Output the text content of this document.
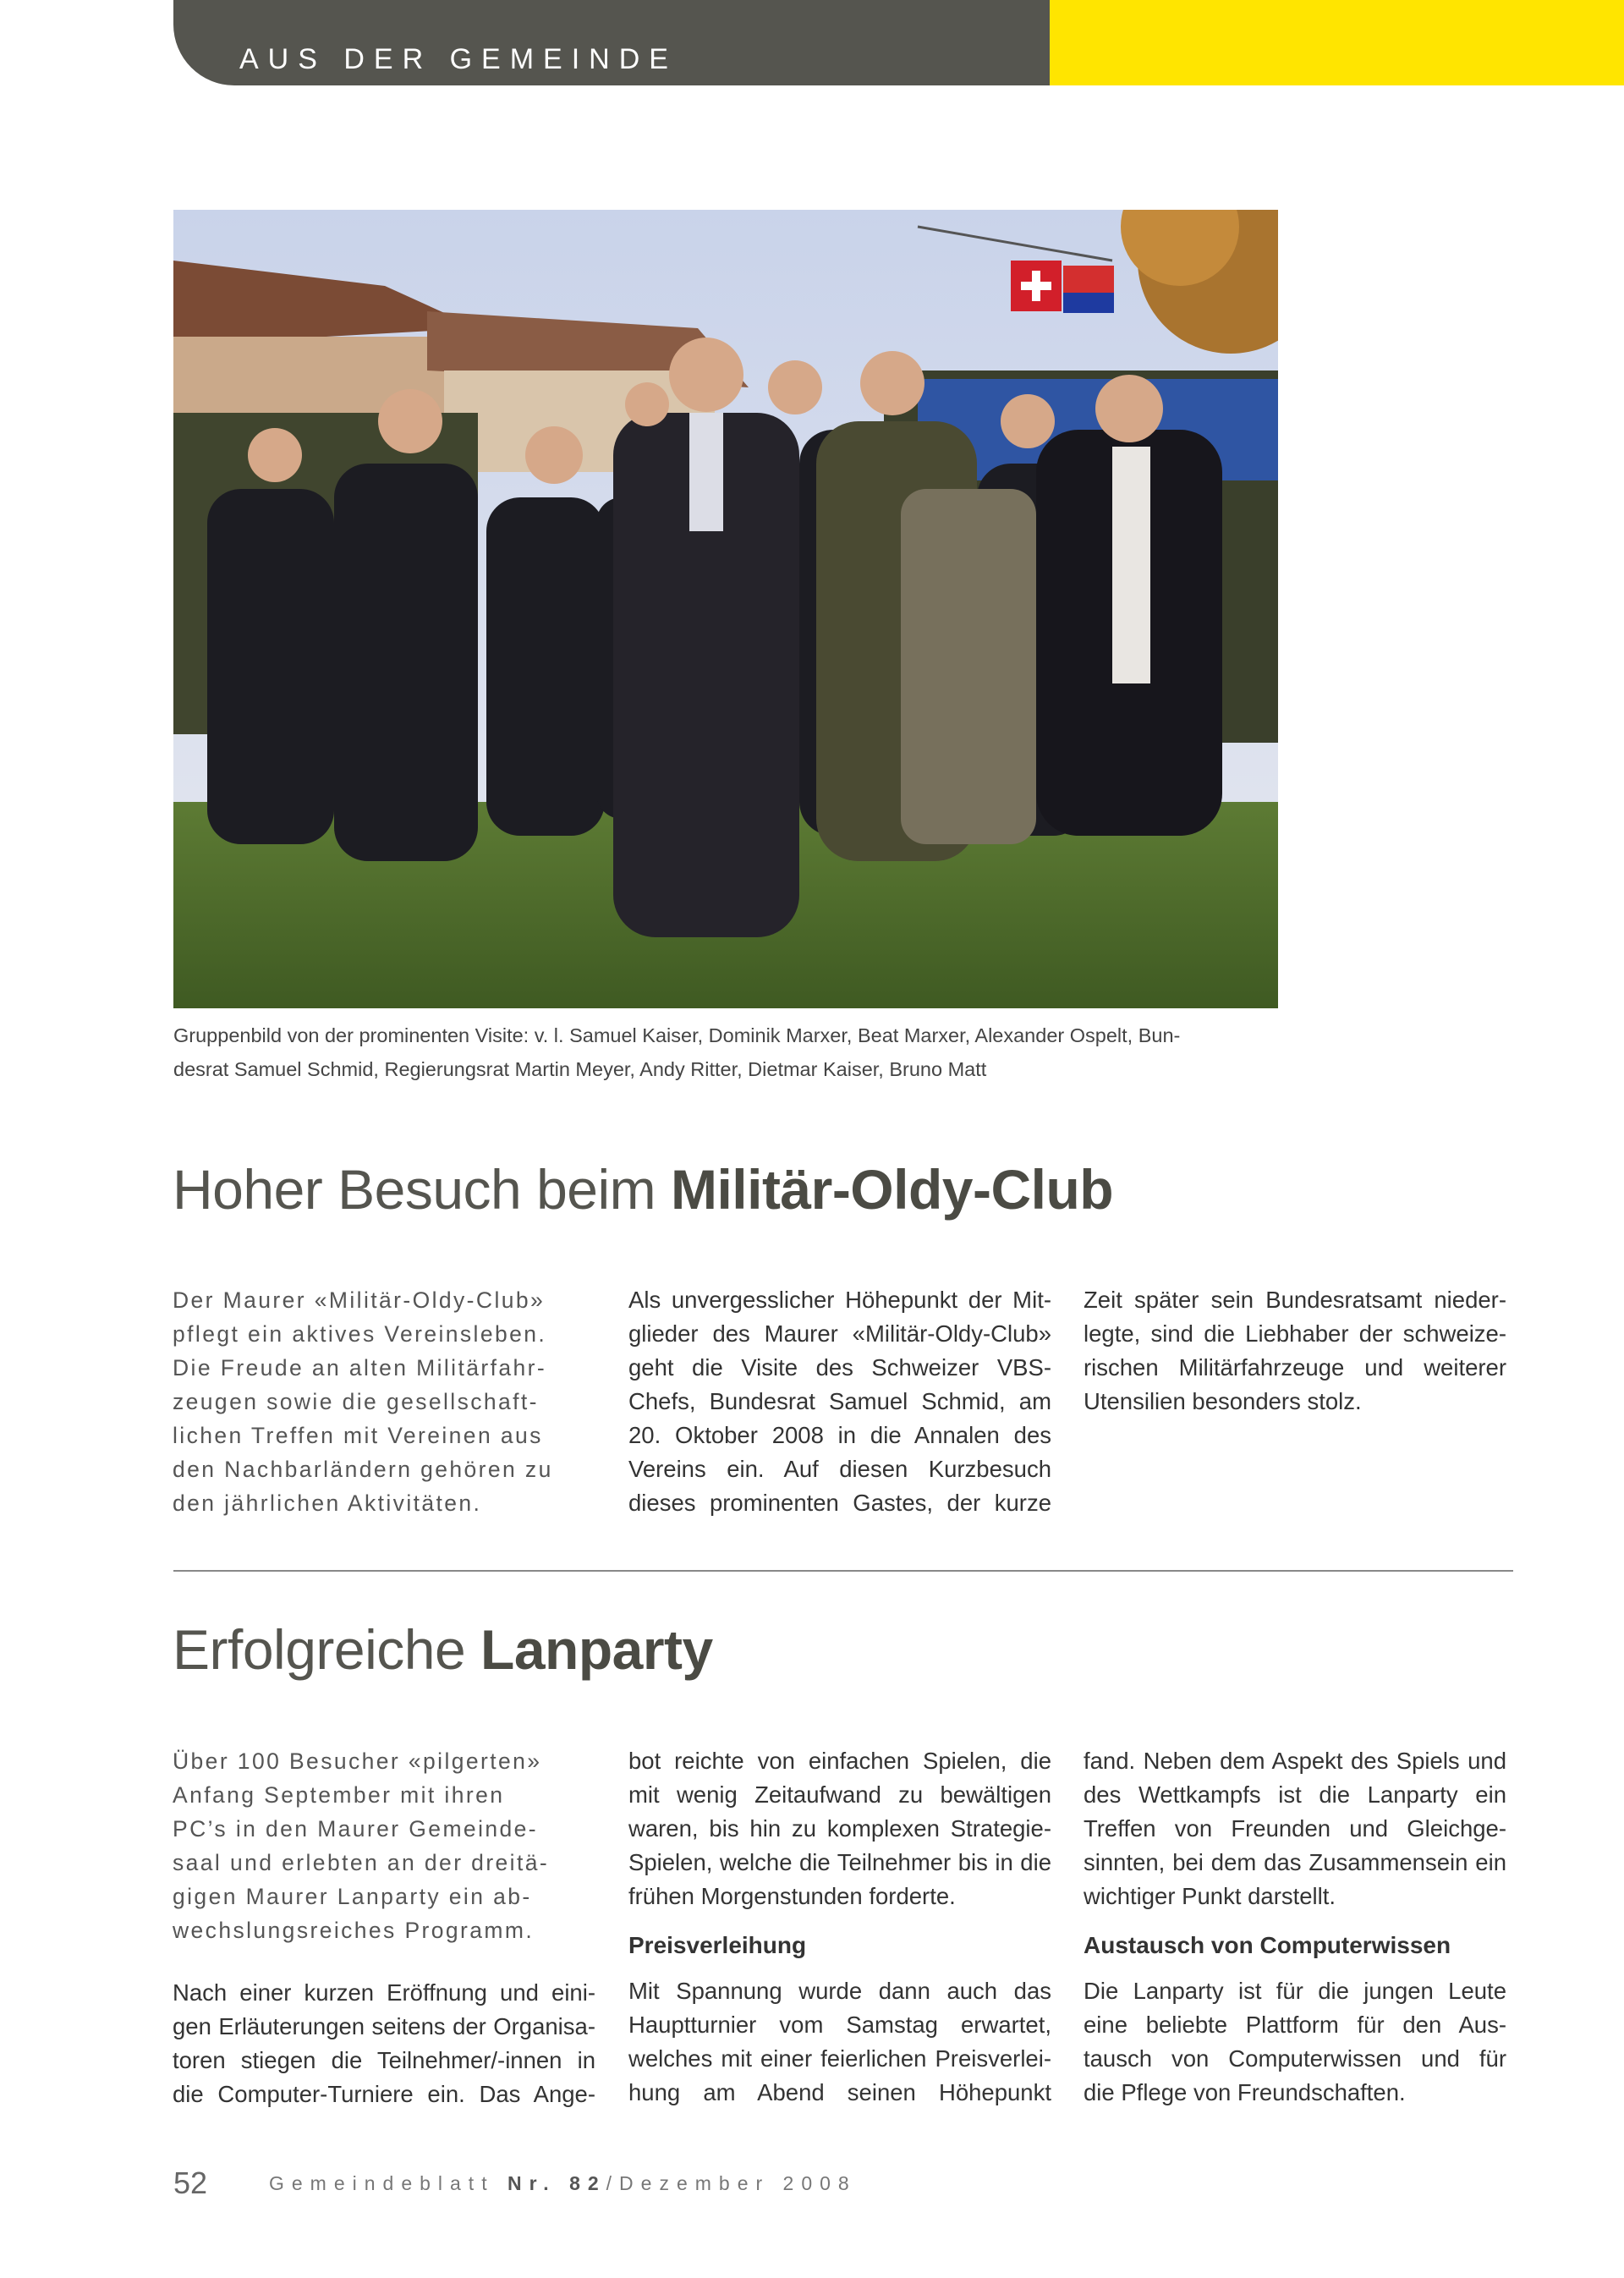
AUS DER GEMEINDE
Gruppenbild von der prominenten Visite: v. l. Samuel Kaiser, Dominik Marxer, Beat Marxer, Alexander Ospelt, Bun-
desrat Samuel Schmid, Regierungsrat Martin Meyer, Andy Ritter, Dietmar Kaiser, Bruno Matt
Hoher Besuch beim Militär-Oldy-Club
Der Maurer «Militär-Oldy-Club»
pflegt ein aktives Vereinsleben.
Die Freude an alten Militärfahr-
zeugen sowie die gesellschaft-
lichen Treffen mit Vereinen aus
den Nachbarländern gehören zu
den jährlichen Aktivitäten.
Als unvergesslicher Höhepunkt der Mit-
glieder des Maurer «Militär-Oldy-Club»
geht die Visite des Schweizer VBS-
Chefs, Bundesrat Samuel Schmid, am
20. Oktober 2008 in die Annalen des
Vereins ein. Auf diesen Kurzbesuch
dieses prominenten Gastes, der kurze
Zeit später sein Bundesratsamt nieder-
legte, sind die Liebhaber der schweize-
rischen Militärfahrzeuge und weiterer
Utensilien besonders stolz.
Erfolgreiche Lanparty
Über 100 Besucher «pilgerten»
Anfang September mit ihren
PC’s in den Maurer Gemeinde-
saal und erlebten an der dreitä-
gigen Maurer Lanparty ein ab-
wechslungsreiches Programm.
Nach einer kurzen Eröffnung und eini-
gen Erläuterungen seitens der Organisa-
toren stiegen die Teilnehmer/-innen in
die Computer-Turniere ein. Das Ange-
bot reichte von einfachen Spielen, die
mit wenig Zeitaufwand zu bewältigen
waren, bis hin zu komplexen Strategie-
Spielen, welche die Teilnehmer bis in die
frühen Morgenstunden forderte.
Preisverleihung
Mit Spannung wurde dann auch das
Hauptturnier vom Samstag erwartet,
welches mit einer feierlichen Preisverlei-
hung am Abend seinen Höhepunkt
fand. Neben dem Aspekt des Spiels und
des Wettkampfs ist die Lanparty ein
Treffen von Freunden und Gleichge-
sinnten, bei dem das Zusammensein ein
wichtiger Punkt darstellt.
Austausch von Computerwissen
Die Lanparty ist für die jungen Leute
eine beliebte Plattform für den Aus-
tausch von Computerwissen und für
die Pflege von Freundschaften.
52	Gemeindeblatt Nr. 82/Dezember 2008
